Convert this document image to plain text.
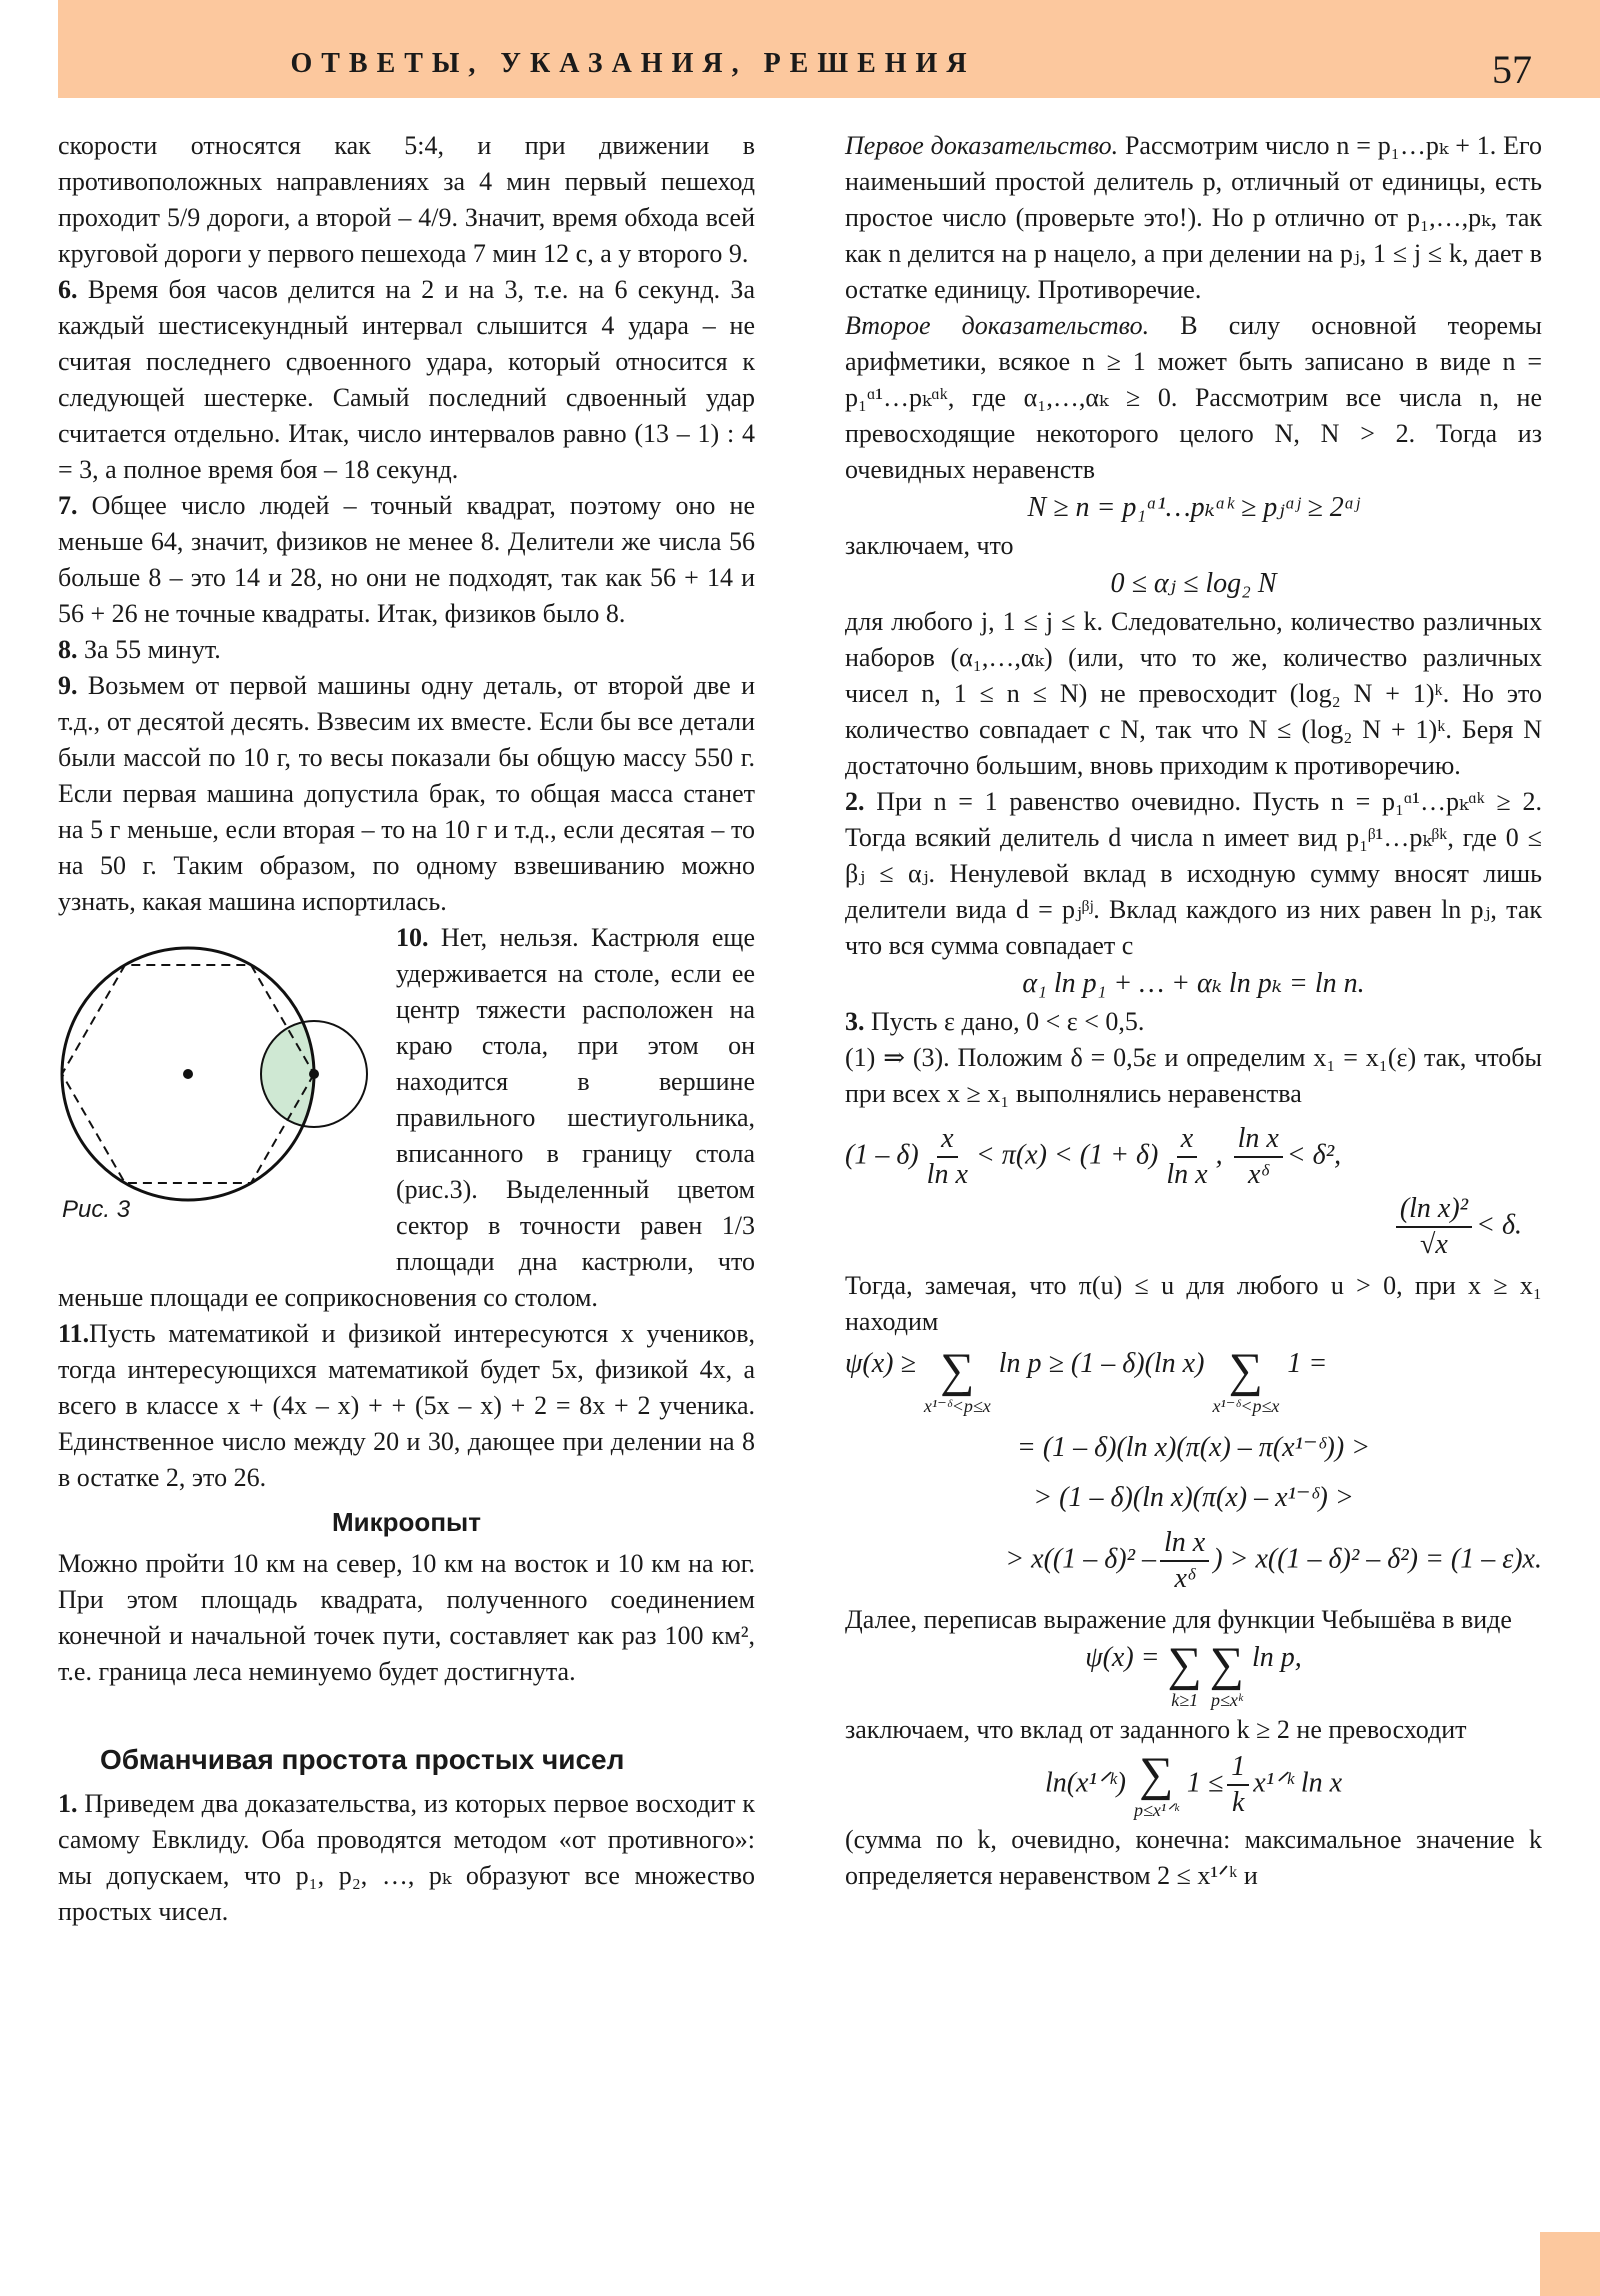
ОТВЕТЫ, УКАЗАНИЯ, РЕШЕНИЯ	57

скорости относятся как 5:4, и при движении в противоположных направлениях за 4 мин первый пешеход проходит 5/9 дороги, а второй – 4/9. Значит, время обхода всей круговой дороги у первого пешехода 7 мин 12 с, а у второго 9.

6. Время боя часов делится на 2 и на 3, т.е. на 6 секунд. За каждый шестисекундный интервал слышится 4 удара – не считая последнего сдвоенного удара, который относится к следующей шестерке. Самый последний сдвоенный удар считается отдельно. Итак, число интервалов равно (13 – 1) : 4 = 3, а полное время боя – 18 секунд.

7. Общее число людей – точный квадрат, поэтому оно не меньше 64, значит, физиков не менее 8. Делители же числа 56 больше 8 – это 14 и 28, но они не подходят, так как 56 + 14 и 56 + 26 не точные квадраты. Итак, физиков было 8.

8. За 55 минут.

9. Возьмем от первой машины одну деталь, от второй две и т.д., от десятой десять. Взвесим их вместе. Если бы все детали были массой по 10 г, то весы показали бы общую массу 550 г. Если первая машина допустила брак, то общая масса станет на 5 г меньше, если вторая – то на 10 г и т.д., если десятая – то на 50 г. Таким образом, по одному взвешиванию можно узнать, какая машина испортилась.

Рис. 3
10. Нет, нельзя. Кастрюля еще удерживается на столе, если ее центр тяжести расположен на краю стола, при этом он находится в вершине правильного шестиугольника, вписанного в границу стола (рис.3). Выделенный цветом сектор в точности равен 1/3 площади дна кастрюли, что меньше площади ее соприкосновения со столом.

11.Пусть математикой и физикой интересуются x учеников, тогда интересующихся математикой будет 5x, физикой 4x, а всего в классе x + (4x – x) + + (5x – x) + 2 = 8x + 2 ученика. Единственное число между 20 и 30, дающее при делении на 8 в остатке 2, это 26.

Микроопыт

Можно пройти 10 км на север, 10 км на восток и 10 км на юг. При этом площадь квадрата, полученного соединением конечной и начальной точек пути, составляет как раз 100 км², т.е. граница леса неминуемо будет достигнута.

Обманчивая простота простых чисел

1. Приведем два доказательства, из которых первое восходит к самому Евклиду. Оба проводятся методом «от противного»: мы допускаем, что p₁, p₂, …, pₖ образуют все множество простых чисел.

Первое доказательство. Рассмотрим число n = p₁…pₖ + 1. Его наименьший простой делитель p, отличный от единицы, есть простое число (проверьте это!). Но p отлично от p₁,…,pₖ, так как n делится на p нацело, а при делении на pⱼ, 1 ≤ j ≤ k, дает в остатке единицу. Противоречие.

Второе доказательство. В силу основной теоремы арифметики, всякое n ≥ 1 может быть записано в виде n = p₁ᵅ¹…pₖᵅᵏ, где α₁,…,αₖ ≥ 0. Рассмотрим все числа n, не превосходящие некоторого целого N, N > 2. Тогда из очевидных неравенств

N ≥ n = p₁ᵅ¹…pₖᵅᵏ ≥ pⱼᵅʲ ≥ 2ᵅʲ

заключаем, что

0 ≤ αⱼ ≤ log₂ N

для любого j, 1 ≤ j ≤ k. Следовательно, количество различных наборов (α₁,…,αₖ) (или, что то же, количество различных чисел n, 1 ≤ n ≤ N) не превосходит (log₂ N + 1)ᵏ. Но это количество совпадает с N, так что N ≤ (log₂ N + 1)ᵏ. Беря N достаточно большим, вновь приходим к противоречию.

2. При n = 1 равенство очевидно. Пусть n = p₁ᵅ¹…pₖᵅᵏ ≥ 2. Тогда всякий делитель d числа n имеет вид p₁ᵝ¹…pₖᵝᵏ, где 0 ≤ βⱼ ≤ αⱼ. Ненулевой вклад в исходную сумму вносят лишь делители вида d = pⱼᵝʲ. Вклад каждого из них равен ln pⱼ, так что вся сумма совпадает с

α₁ ln p₁ + … + αₖ ln pₖ = ln n.

3. Пусть ε дано, 0 < ε < 0,5.

(1) ⇒ (3). Положим δ = 0,5ε и определим x₁ = x₁(ε) так, чтобы при всех x ≥ x₁ выполнялись неравенства

$(1 - \delta) \frac{x}{\text{ln x}} < \pi(x) < (1 + \delta) \frac{x}{\text{ln x}}$ , $\frac{\text{ln x}}{\text{xᵟ}} < \delta^2$,
$\frac{\text{(ln x)²}}{√x} < \delta$.

Тогда, замечая, что π(u) ≤ u для любого u > 0, при x ≥ x₁ находим

ψ(x) ≥ ∑
x¹⁻ᵟ<p≤x
ln p ≥ (1 – δ)(ln x) ∑
x¹⁻ᵟ<p≤x
1 =
= (1 – δ)(ln x)(π(x) – π(x¹⁻ᵟ)) >
> (1 – δ)(ln x)(π(x) – x¹⁻ᵟ) >
> $x((1 - \delta)^2 - \frac{\text{ln x}}{\text{xᵟ}}$ ) > x((1 – δ)² – δ²) = (1 – ε)x.

Далее, переписав выражение для функции Чебышёва в виде

ψ(x) = ∑
k≥1
∑
p≤xᵏ
ln p,

заключаем, что вклад от заданного k ≥ 2 не превосходит

ln(x¹ᐟᵏ) ∑
p≤x¹ᐟᵏ
$1 \le \frac{1}{k}$ x¹ᐟᵏ ln x

(сумма по k, очевидно, конечна: максимальное значение k определяется неравенством 2 ≤ x¹ᐟᵏ и
